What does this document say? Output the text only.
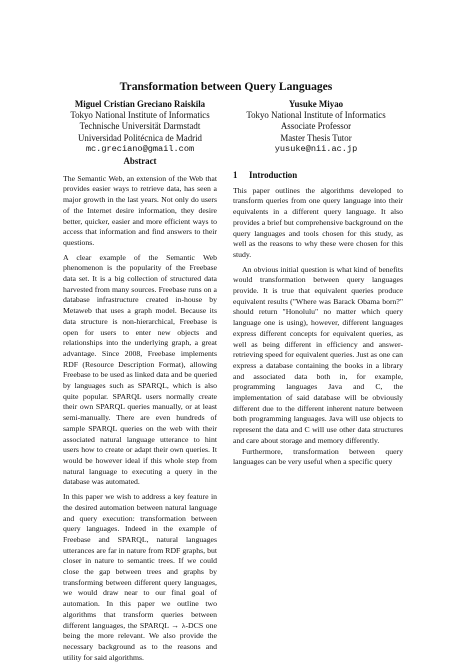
Transformation between Query Languages
Miguel Cristian Greciano Raiskila
Tokyo National Institute of Informatics
Technische Universität Darmstadt
Universidad Politécnica de Madrid
mc.greciano@gmail.com
Yusuke Miyao
Tokyo National Institute of Informatics
Associate Professor
Master Thesis Tutor
yusuke@nii.ac.jp
Abstract

The Semantic Web, an extension of the Web that provides easier ways to retrieve data, has seen a major growth in the last years. Not only do users of the Internet desire information, they desire better, quicker, easier and more efficient ways to access that information and find answers to their questions.

A clear example of the Semantic Web phenomenon is the popularity of the Freebase data set. It is a big collection of structured data harvested from many sources. Freebase runs on a database infrastructure created in-house by Metaweb that uses a graph model. Because its data structure is non-hierarchical, Freebase is open for users to enter new objects and relationships into the underlying graph, a great advantage. Since 2008, Freebase implements RDF (Resource Description Format), allowing Freebase to be used as linked data and be queried by languages such as SPARQL, which is also quite popular. SPARQL users normally create their own SPARQL queries manually, or at least semi-manually. There are even hundreds of sample SPARQL queries on the web with their associated natural language utterance to hint users how to create or adapt their own queries. It would be however ideal if this whole step from natural language to executing a query in the database was automated.

In this paper we wish to address a key feature in the desired automation between natural language and query execution: transformation between query languages. Indeed in the example of Freebase and SPARQL, natural languages utterances are far in nature from RDF graphs, but closer in nature to semantic trees. If we could close the gap between trees and graphs by transforming between different query languages, we would draw near to our final goal of automation. In this paper we outline two algorithms that transform queries between different languages, the SPARQL → λ-DCS one being the more relevant. We also provide the necessary background as to the reasons and utility for said algorithms.

1 Introduction

This paper outlines the algorithms developed to transform queries from one query language into their equivalents in a different query language. It also provides a brief but comprehensive background on the query languages and tools chosen for this study, as well as the reasons to why these were chosen for this study.

An obvious initial question is what kind of benefits would transformation between query languages provide. It is true that equivalent queries produce equivalent results ("Where was Barack Obama born?" should return "Honolulu" no matter which query language one is using), however, different languages express different concepts for equivalent queries, as well as being different in efficiency and answer-retrieving speed for equivalent queries. Just as one can express a database containing the books in a library and associated data both in, for example, programming languages Java and C, the implementation of said database will be obviously different due to the different inherent nature between both programming languages. Java will use objects to represent the data and C will use other data structures and care about storage and memory differently.

Furthermore, transformation between query languages can be very useful when a specific query
